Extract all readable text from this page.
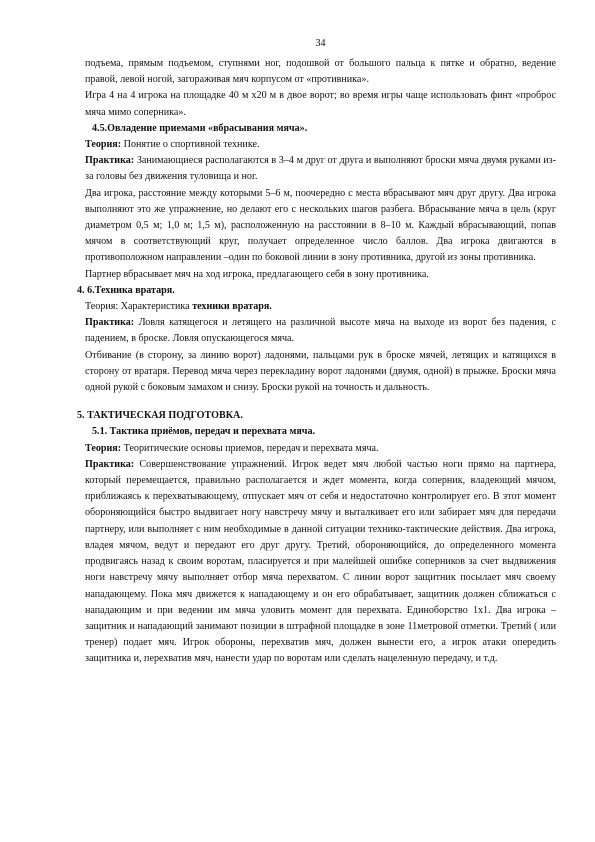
34

подъема, прямым подъемом, ступнями ног, подошвой от большого пальца к пятке и обратно, ведение правой, левой ногой, загораживая мяч корпусом от «противника».

Игра 4 на 4 игрока на площадке 40 м х20 м в двое ворот; во время игры чаще использовать финт «проброс мяча мимо соперника».

4.5.Овладение приемами «вбрасывания мяча».

Теория: Понятие о спортивной технике.

Практика: Занимающиеся располагаются в 3–4 м друг от друга и выполняют броски мяча двумя руками из-за головы без движения туловища и ног.

Два игрока, расстояние между которыми 5–6 м, поочередно с места вбрасывают мяч друг другу. Два игрока выполняют это же упражнение, но делают его с нескольких шагов разбега. Вбрасывание мяча в цель (круг диаметром 0,5 м; 1,0 м; 1,5 м), расположенную на расстоянии в 8–10 м. Каждый вбрасывающий, попав мячом в соответствующий круг, получает определенное число баллов. Два игрока двигаются в противоположном направлении –один по боковой линии в зону противника, другой из зоны противника.

Партнер вбрасывает мяч на ход игрока, предлагающего себя в зону противника.

4. 6.Техника вратаря.

Теория: Характеристика техники вратаря.

Практика: Ловля катящегося и летящего на различной высоте мяча на выходе из ворот без падения, с падением, в броске. Ловля опускающегося мяча.

Отбивание (в сторону, за линию ворот) ладонями, пальцами рук в броске мячей, летящих и катящихся в сторону от вратаря. Перевод мяча через перекладину ворот ладонями (двумя, одной) в прыжке. Броски мяча одной рукой с боковым замахом и снизу. Броски рукой на точность и дальность.

5. ТАКТИЧЕСКАЯ ПОДГОТОВКА.
5.1. Тактика приёмов, передач и перехвата мяча.

Теория: Теоритические основы приемов, передач и перехвата мяча.

Практика: Совершенствование упражнений. Игрок ведет мяч любой частью ноги прямо на партнера, который перемещается, правильно располагается и ждет момента, когда соперник, владеющий мячом, приближаясь к перехватывающему, отпускает мяч от себя и недостаточно контролирует его. В этот момент обороняющийся быстро выдвигает ногу навстречу мячу и выталкивает его или забирает мяч для передачи партнеру, или выполняет с ним необходимые в данной ситуации технико-тактические действия. Два игрока, владея мячом, ведут и передают его друг другу. Третий, обороняющийся, до определенного момента продвигаясь назад к своим воротам, пласируется и при малейшей ошибке соперников за счет выдвижения ноги навстречу мячу выполняет отбор мяча перехватом. С линии ворот защитник посылает мяч своему нападающему. Пока мяч движется к нападающему и он его обрабатывает, защитник должен сближаться с нападающим и при ведении им мяча уловить момент для перехвата. Единоборство 1х1. Два игрока – защитник и нападающий занимают позиции в штрафной площадке в зоне 11метровой отметки. Третий ( или тренер) подает мяч. Игрок обороны, перехватив мяч, должен вынести его, а игрок атаки опередить защитника и, перехватив мяч, нанести удар по воротам или сделать нацеленную передачу, и т.д.
